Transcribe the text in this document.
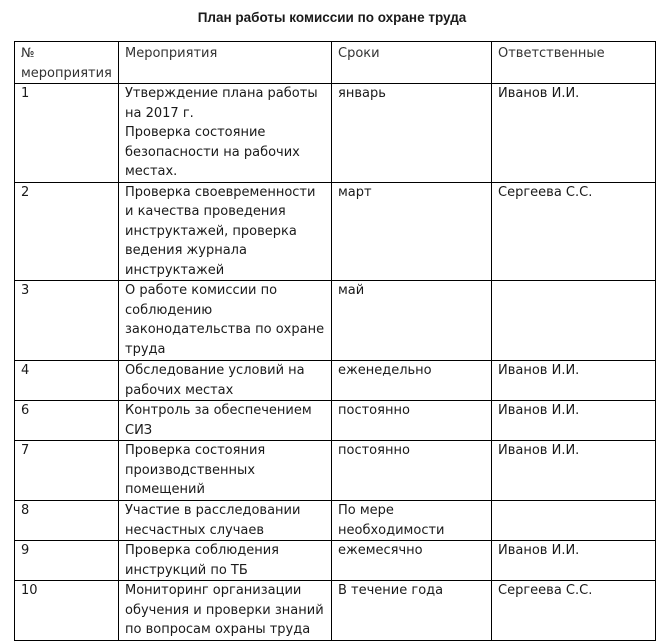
План работы комиссии по охране труда
№ мероприятия	Мероприятия	Сроки	Ответственные

1	Утверждение плана работы на 2017 г.
Проверка состояние безопасности на рабочих местах.	январь	Иванов И.И.

2	Проверка своевременности и качества проведения инструктажей, проверка ведения журнала инструктажей	март	Сергеева С.С.

3	О работе комиссии по соблюдению законодательства по охране труда	май	

4	Обследование условий на рабочих местах	еженедельно	Иванов И.И.

6	Контроль за обеспечением СИЗ	постоянно	Иванов И.И.

7	Проверка состояния производственных помещений	постоянно	Иванов И.И.

8	Участие в расследовании несчастных случаев	По мере необходимости	

9	Проверка соблюдения инструкций по ТБ	ежемесячно	Иванов И.И.

10	Мониторинг организации обучения и проверки знаний по вопросам охраны труда	В течение года	Сергеева С.С.
